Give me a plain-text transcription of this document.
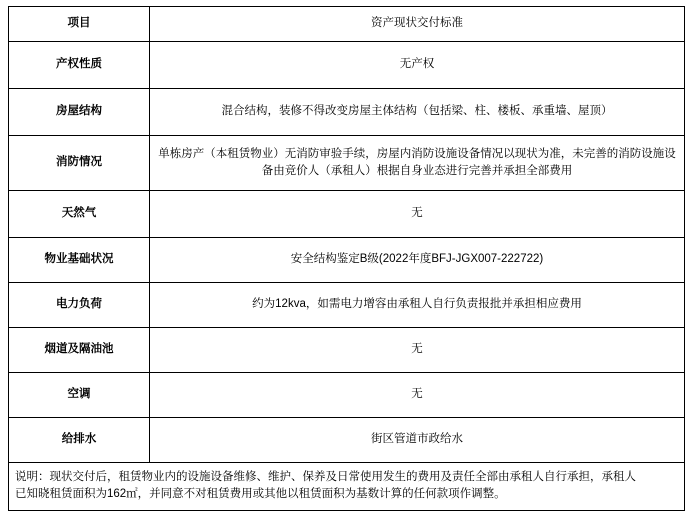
项目	资产现状交付标准
产权性质	无产权
房屋结构	混合结构，装修不得改变房屋主体结构（包括梁、柱、楼板、承重墙、屋顶）
消防情况	单栋房产（本租赁物业）无消防审验手续，房屋内消防设施设备情况以现状为准，未完善的消防设施设备由竞价人（承租人）根据自身业态进行完善并承担全部费用

天然气	无
物业基础状况	安全结构鉴定B级(2022年度BFJ-JGX007-222722)
电力负荷	约为12kva，如需电力增容由承租人自行负责报批并承担相应费用
烟道及隔油池	无
空调	无
给排水	街区管道市政给水

说明：现状交付后，租赁物业内的设施设备维修、维护、保养及日常使用发生的费用及责任全部由承租人自行承担，承租人
已知晓租赁面积为162㎡，并同意不对租赁费用或其他以租赁面积为基数计算的任何款项作调整。	
